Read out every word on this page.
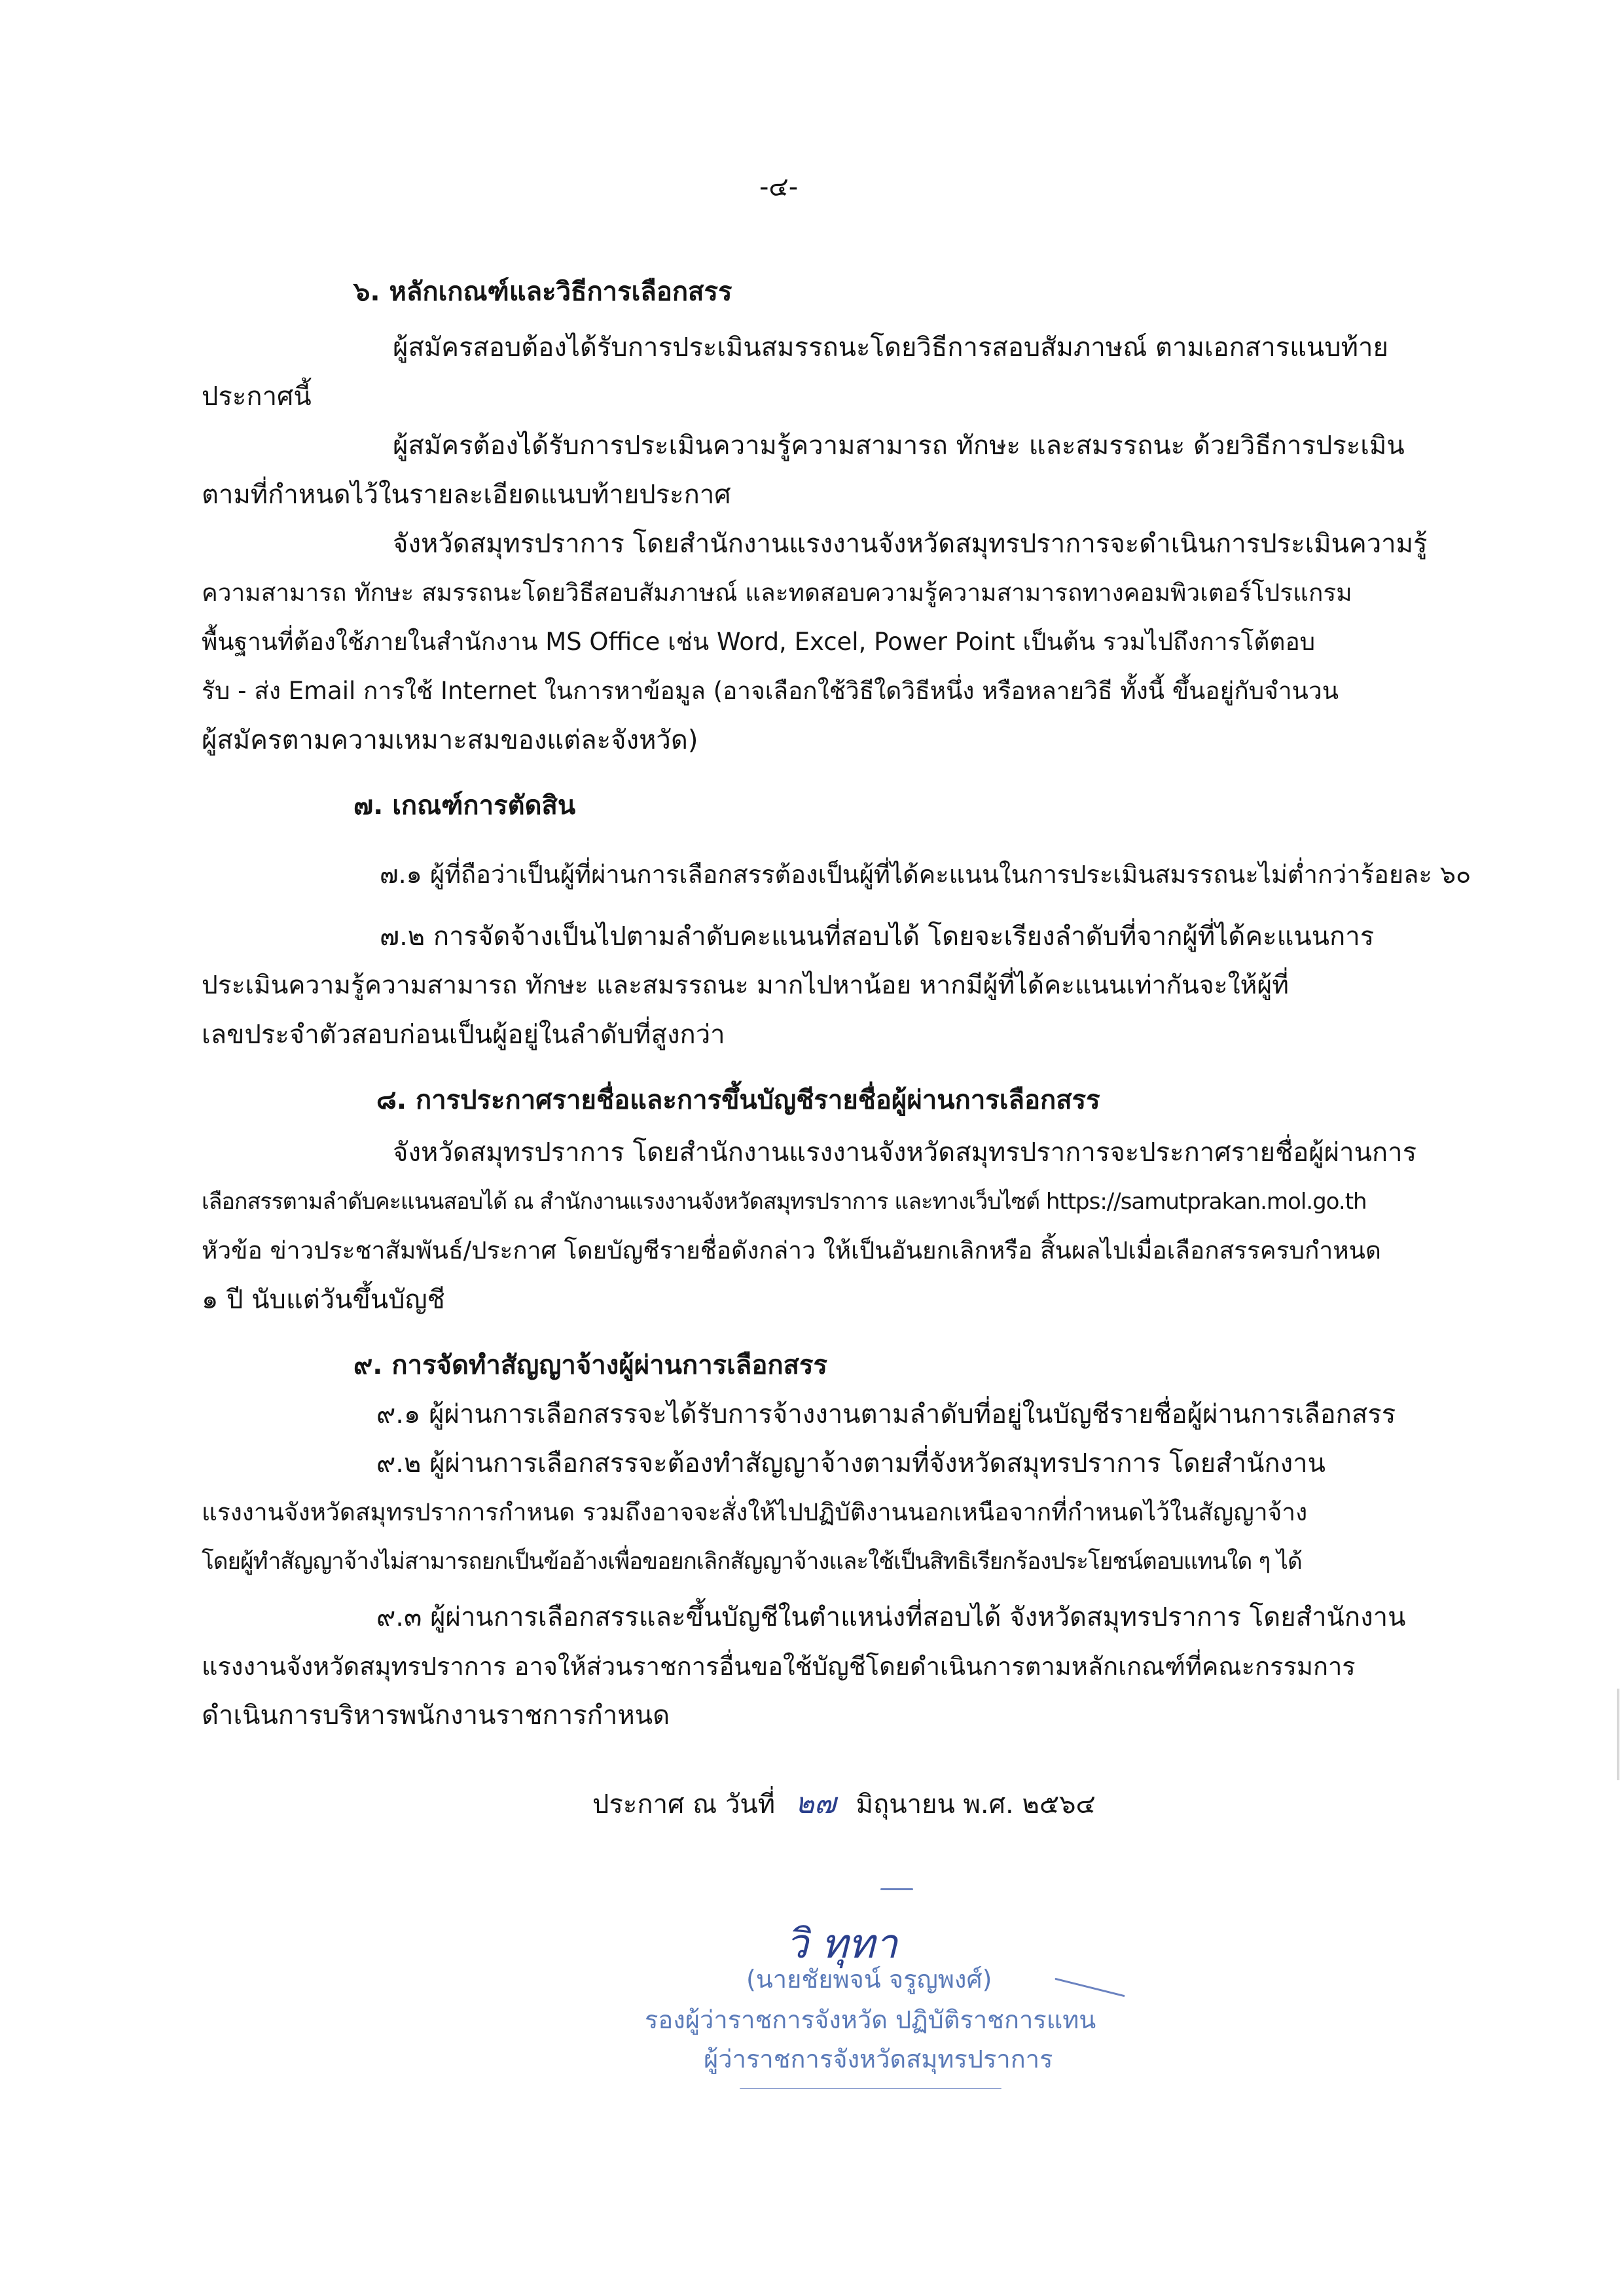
-๔-
๖. หลักเกณฑ์และวิธีการเลือกสรร
ผู้สมัครสอบต้องได้รับการประเมินสมรรถนะโดยวิธีการสอบสัมภาษณ์ ตามเอกสารแนบท้าย
ประกาศนี้
ผู้สมัครต้องได้รับการประเมินความรู้ความสามารถ ทักษะ และสมรรถนะ ด้วยวิธีการประเมิน
ตามที่กำหนดไว้ในรายละเอียดแนบท้ายประกาศ
จังหวัดสมุทรปราการ โดยสำนักงานแรงงานจังหวัดสมุทรปราการจะดำเนินการประเมินความรู้
ความสามารถ ทักษะ สมรรถนะโดยวิธีสอบสัมภาษณ์ และทดสอบความรู้ความสามารถทางคอมพิวเตอร์โปรแกรม
พื้นฐานที่ต้องใช้ภายในสำนักงาน MS Office เช่น Word, Excel, Power Point เป็นต้น รวมไปถึงการโต้ตอบ
รับ - ส่ง Email การใช้ Internet ในการหาข้อมูล (อาจเลือกใช้วิธีใดวิธีหนึ่ง หรือหลายวิธี ทั้งนี้ ขึ้นอยู่กับจำนวน
ผู้สมัครตามความเหมาะสมของแต่ละจังหวัด)
๗. เกณฑ์การตัดสิน
๗.๑ ผู้ที่ถือว่าเป็นผู้ที่ผ่านการเลือกสรรต้องเป็นผู้ที่ได้คะแนนในการประเมินสมรรถนะไม่ต่ำกว่าร้อยละ ๖๐
๗.๒ การจัดจ้างเป็นไปตามลำดับคะแนนที่สอบได้ โดยจะเรียงลำดับที่จากผู้ที่ได้คะแนนการ
ประเมินความรู้ความสามารถ ทักษะ และสมรรถนะ มากไปหาน้อย หากมีผู้ที่ได้คะแนนเท่ากันจะให้ผู้ที่
เลขประจำตัวสอบก่อนเป็นผู้อยู่ในลำดับที่สูงกว่า
๘. การประกาศรายชื่อและการขึ้นบัญชีรายชื่อผู้ผ่านการเลือกสรร
จังหวัดสมุทรปราการ โดยสำนักงานแรงงานจังหวัดสมุทรปราการจะประกาศรายชื่อผู้ผ่านการ
เลือกสรรตามลำดับคะแนนสอบได้ ณ สำนักงานแรงงานจังหวัดสมุทรปราการ และทางเว็บไซต์ https://samutprakan.mol.go.th
หัวข้อ ข่าวประชาสัมพันธ์/ประกาศ โดยบัญชีรายชื่อดังกล่าว ให้เป็นอันยกเลิกหรือ สิ้นผลไปเมื่อเลือกสรรครบกำหนด
๑ ปี นับแต่วันขึ้นบัญชี
๙. การจัดทำสัญญาจ้างผู้ผ่านการเลือกสรร
๙.๑ ผู้ผ่านการเลือกสรรจะได้รับการจ้างงานตามลำดับที่อยู่ในบัญชีรายชื่อผู้ผ่านการเลือกสรร
๙.๒ ผู้ผ่านการเลือกสรรจะต้องทำสัญญาจ้างตามที่จังหวัดสมุทรปราการ โดยสำนักงาน
แรงงานจังหวัดสมุทรปราการกำหนด รวมถึงอาจจะสั่งให้ไปปฏิบัติงานนอกเหนือจากที่กำหนดไว้ในสัญญาจ้าง
โดยผู้ทำสัญญาจ้างไม่สามารถยกเป็นข้ออ้างเพื่อขอยกเลิกสัญญาจ้างและใช้เป็นสิทธิเรียกร้องประโยชน์ตอบแทนใด ๆ ได้
๙.๓ ผู้ผ่านการเลือกสรรและขึ้นบัญชีในตำแหน่งที่สอบได้ จังหวัดสมุทรปราการ โดยสำนักงาน
แรงงานจังหวัดสมุทรปราการ อาจให้ส่วนราชการอื่นขอใช้บัญชีโดยดำเนินการตามหลักเกณฑ์ที่คณะกรรมการ
ดำเนินการบริหารพนักงานราชการกำหนด
ประกาศ ณ วันที่ ๒๗ มิถุนายน พ.ศ. ๒๕๖๔
วิ ทุทา
(นายชัยพจน์ จรูญพงศ์)
รองผู้ว่าราชการจังหวัด ปฏิบัติราชการแทน
ผู้ว่าราชการจังหวัดสมุทรปราการ
